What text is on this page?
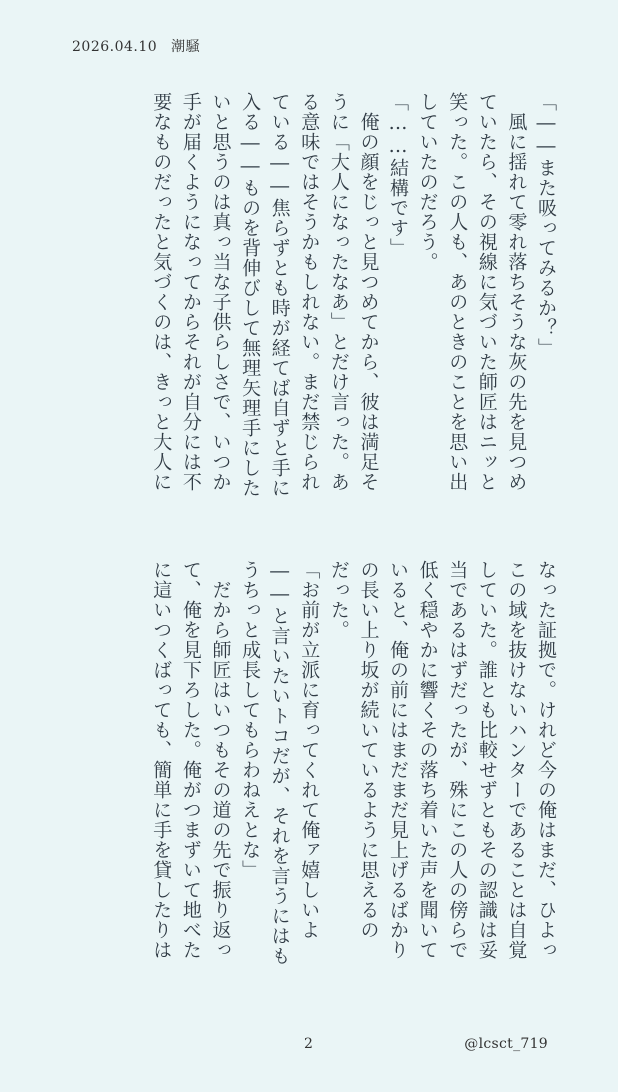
2026.04.10 潮騒
「――また吸ってみるか？」
　風に揺れて零れ落ちそうな灰の先を見つめ
ていたら、その視線に気づいた師匠はニッと
笑った。この人も、あのときのことを思い出
していたのだろう。
「……結構です」
　俺の顔をじっと見つめてから、彼は満足そ
うに「大人になったなあ」とだけ言った。あ
る意味ではそうかもしれない。まだ禁じられ
ている――焦らずとも時が経てば自ずと手に
入る――ものを背伸びして無理矢理手にした
いと思うのは真っ当な子供らしさで、いつか
手が届くようになってからそれが自分には不
要なものだったと気づくのは、きっと大人に
なった証拠で。けれど今の俺はまだ、ひよっ
この域を抜けないハンターであることは自覚
していた。誰とも比較せずともその認識は妥
当であるはずだったが、殊にこの人の傍らで
低く穏やかに響くその落ち着いた声を聞いて
いると、俺の前にはまだまだ見上げるばかり
の長い上り坂が続いているように思えるの
だった。
「お前が立派に育ってくれて俺ァ嬉しいよ
――と言いたいトコだが、それを言うにはも
うちっと成長してもらわねえとな」
　だから師匠はいつもその道の先で振り返っ
て、俺を見下ろした。俺がつまずいて地べた
に這いつくばっても、簡単に手を貸したりは
2	@lcsct_719
